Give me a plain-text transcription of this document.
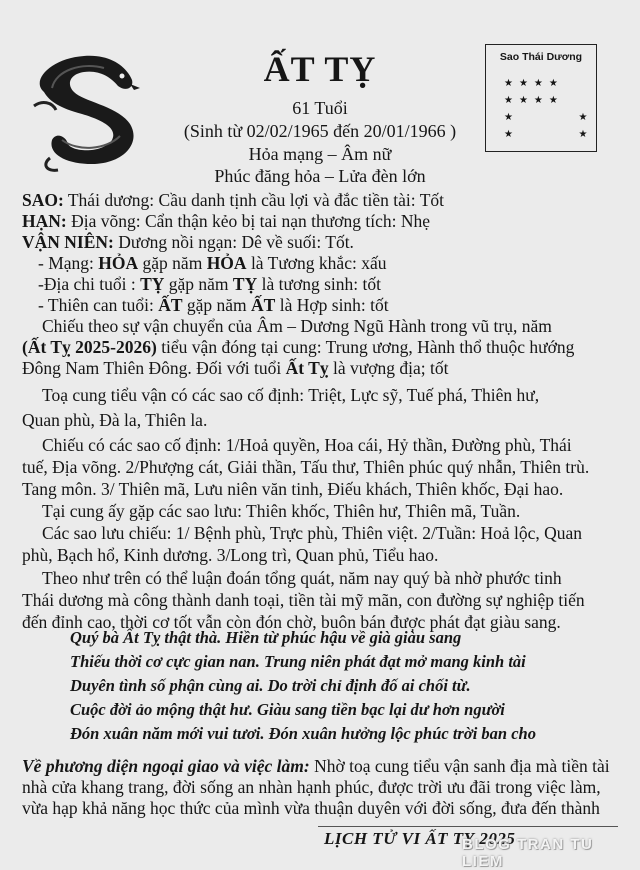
ẤT TỴ
61 Tuổi
(Sinh từ 02/02/1965 đến 20/01/1966 )
Hỏa mạng – Âm nữ
Phúc đăng hỏa – Lửa đèn lớn
Sao Thái Dương
★★★★
★★★★
★       ★
★       ★
SAO: Thái dương: Cầu danh tịnh cầu lợi và đắc tiền tài: Tốt
HẠN: Địa võng: Cẩn thận kẻo bị tai nạn thương tích: Nhẹ
VẬN NIÊN: Dương nồi ngạn: Dê về suối: Tốt.
- Mạng: HỎA gặp năm HỎA là Tương khắc: xấu
-Địa chi tuổi : TỴ gặp năm TỴ là tương sinh: tốt
- Thiên can tuổi: ẤT gặp năm ẤT là Hợp sinh: tốt
Chiếu theo sự vận chuyển của Âm – Dương Ngũ Hành trong vũ trụ, năm
(Ất Tỵ 2025-2026) tiểu vận đóng tại cung: Trung ương, Hành thổ thuộc hướng
Đông Nam Thiên Đông. Đối với tuổi Ất Tỵ là vượng địa; tốt
Toạ cung tiểu vận có các sao cố định: Triệt, Lực sỹ, Tuế phá, Thiên hư,
Quan phù, Đà la, Thiên la.
Chiếu có các sao cố định: 1/Hoả quyền, Hoa cái, Hỷ thần, Đường phù, Thái
tuế, Địa võng. 2/Phượng cát, Giải thần, Tấu thư, Thiên phúc quý nhẫn, Thiên trù.
Tang môn. 3/ Thiên mã, Lưu niên văn tinh, Điếu khách, Thiên khốc, Đại hao.
Tại cung ấy gặp các sao lưu: Thiên khốc, Thiên hư, Thiên mã, Tuần.
Các sao lưu chiếu: 1/ Bệnh phù, Trực phù, Thiên việt. 2/Tuần: Hoả lộc, Quan
phù, Bạch hổ, Kinh dương. 3/Long trì, Quan phủ, Tiểu hao.
Theo như trên có thể luận đoán tổng quát, năm nay quý bà nhờ phước tinh
Thái dương mà công thành danh toại, tiền tài mỹ mãn, con đường sự nghiệp tiến
đến đỉnh cao, thời cơ tốt vẫn còn đón chờ, buôn bán được phát đạt giàu sang.
Quý bà Ất Tỵ thật thà. Hiền từ phúc hậu về già giàu sang
Thiếu thời cơ cực gian nan. Trung niên phát đạt mở mang kinh tài
Duyên tình số phận cùng ai. Do trời chỉ định đố ai chối từ.
Cuộc đời ảo mộng thật hư. Giàu sang tiền bạc lại dư hơn người
Đón xuân năm mới vui tươi. Đón xuân hưởng lộc phúc trời ban cho
Về phương diện ngoại giao và việc làm: Nhờ toạ cung tiểu vận sanh địa mà tiền tài
nhà cửa khang trang, đời sống an nhàn hạnh phúc, được trời ưu đãi trong việc làm,
vừa hạp khả năng học thức của mình vừa thuận duyên với đời sống, đưa đến thành
LỊCH TỬ VI ẤT TỴ 2025
BLOG TRAN TU LIEM
